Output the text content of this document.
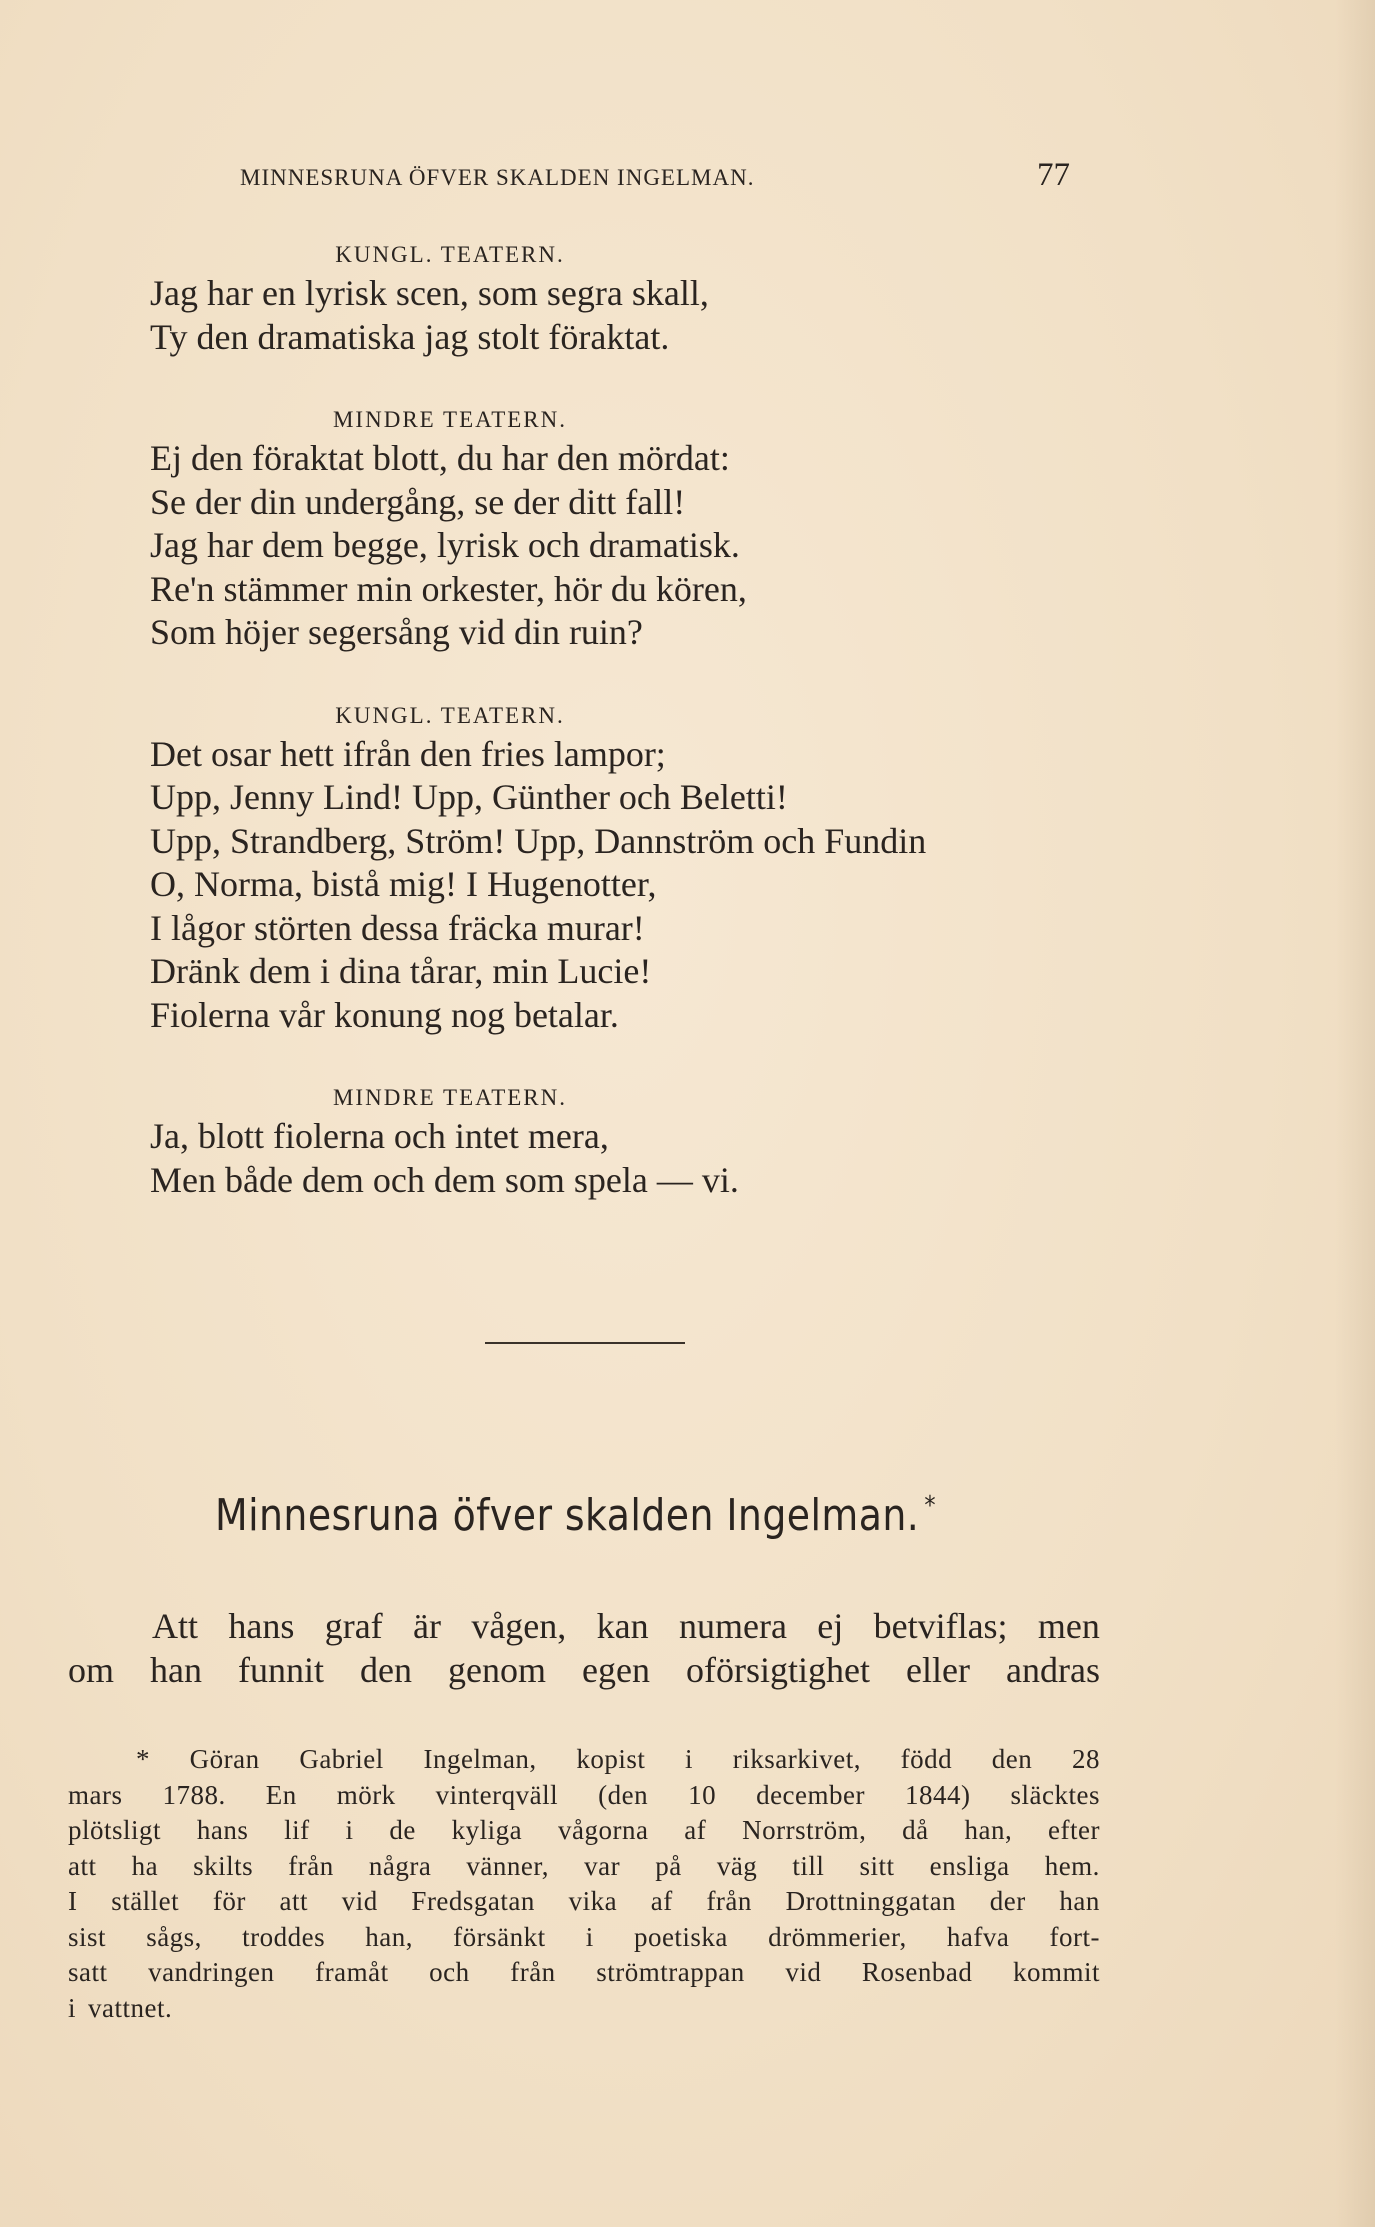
MINNESRUNA ÖFVER SKALDEN INGELMAN.	77
KUNGL. TEATERN.
Jag har en lyrisk scen, som segra skall,
Ty den dramatiska jag stolt föraktat.
MINDRE TEATERN.
Ej den föraktat blott, du har den mördat:
Se der din undergång, se der ditt fall!
Jag har dem begge, lyrisk och dramatisk.
Re'n stämmer min orkester, hör du kören,
Som höjer segersång vid din ruin?
KUNGL. TEATERN.
Det osar hett ifrån den fries lampor;
Upp, Jenny Lind! Upp, Günther och Beletti!
Upp, Strandberg, Ström! Upp, Dannström och Fundin
O, Norma, bistå mig! I Hugenotter,
I lågor störten dessa fräcka murar!
Dränk dem i dina tårar, min Lucie!
Fiolerna vår konung nog betalar.
MINDRE TEATERN.
Ja, blott fiolerna och intet mera,
Men både dem och dem som spela — vi.
Minnesruna öfver skalden Ingelman. *
Att hans graf är vågen, kan numera ej betviflas; men
om han funnit den genom egen oförsigtighet eller andras
* Göran Gabriel Ingelman, kopist i riksarkivet, född den 28
mars 1788. En mörk vinterqväll (den 10 december 1844) släcktes
plötsligt hans lif i de kyliga vågorna af Norrström, då han, efter
att ha skilts från några vänner, var på väg till sitt ensliga hem.
I stället för att vid Fredsgatan vika af från Drottninggatan der han
sist sågs, troddes han, försänkt i poetiska drömmerier, hafva fort-
satt vandringen framåt och från strömtrappan vid Rosenbad kommit
i vattnet.
